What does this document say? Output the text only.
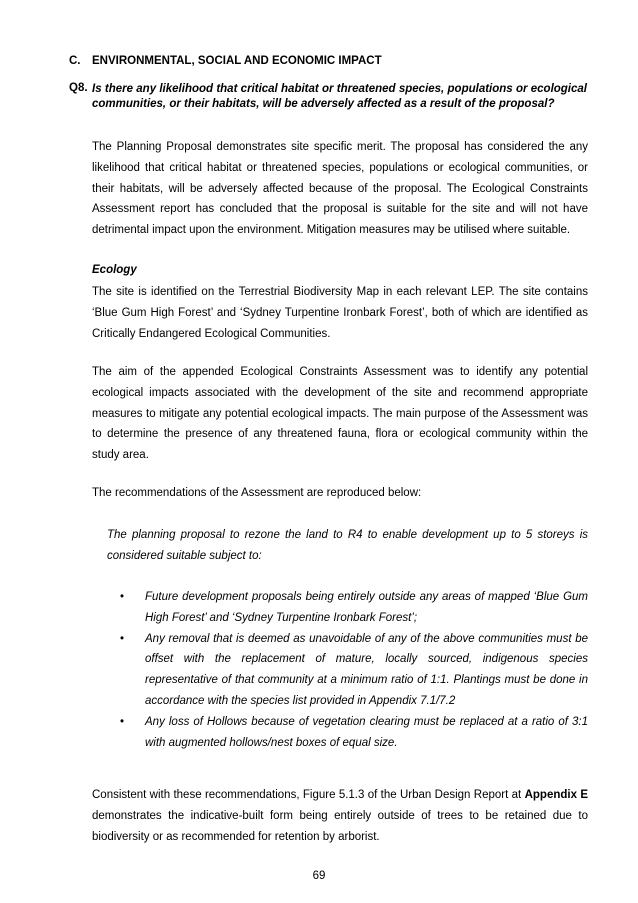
C. ENVIRONMENTAL, SOCIAL AND ECONOMIC IMPACT
Q8. Is there any likelihood that critical habitat or threatened species, populations or ecological communities, or their habitats, will be adversely affected as a result of the proposal?
The Planning Proposal demonstrates site specific merit. The proposal has considered the any likelihood that critical habitat or threatened species, populations or ecological communities, or their habitats, will be adversely affected because of the proposal. The Ecological Constraints Assessment report has concluded that the proposal is suitable for the site and will not have detrimental impact upon the environment. Mitigation measures may be utilised where suitable.
Ecology
The site is identified on the Terrestrial Biodiversity Map in each relevant LEP. The site contains ‘Blue Gum High Forest’ and ‘Sydney Turpentine Ironbark Forest’, both of which are identified as Critically Endangered Ecological Communities.
The aim of the appended Ecological Constraints Assessment was to identify any potential ecological impacts associated with the development of the site and recommend appropriate measures to mitigate any potential ecological impacts. The main purpose of the Assessment was to determine the presence of any threatened fauna, flora or ecological community within the study area.
The recommendations of the Assessment are reproduced below:
The planning proposal to rezone the land to R4 to enable development up to 5 storeys is considered suitable subject to:
• Future development proposals being entirely outside any areas of mapped ‘Blue Gum High Forest’ and ‘Sydney Turpentine Ironbark Forest’;
• Any removal that is deemed as unavoidable of any of the above communities must be offset with the replacement of mature, locally sourced, indigenous species representative of that community at a minimum ratio of 1:1. Plantings must be done in accordance with the species list provided in Appendix 7.1/7.2
• Any loss of Hollows because of vegetation clearing must be replaced at a ratio of 3:1 with augmented hollows/nest boxes of equal size.
Consistent with these recommendations, Figure 5.1.3 of the Urban Design Report at Appendix E demonstrates the indicative-built form being entirely outside of trees to be retained due to biodiversity or as recommended for retention by arborist.
69
